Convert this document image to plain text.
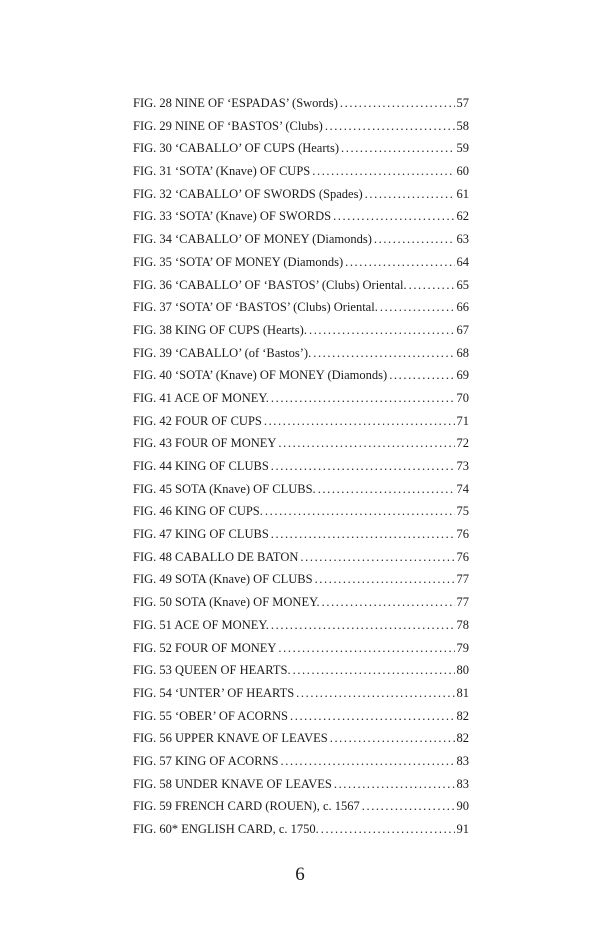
FIG. 28 NINE OF ‘ESPADAS’ (Swords) .....	57
FIG. 29 NINE OF ‘BASTOS’ (Clubs) .....	58
FIG. 30 ‘CABALLO’ OF CUPS (Hearts) .....	59
FIG. 31 ‘SOTA’ (Knave) OF CUPS .....	60
FIG. 32 ‘CABALLO’ OF SWORDS (Spades) .....	61
FIG. 33 ‘SOTA’ (Knave) OF SWORDS .....	62
FIG. 34 ‘CABALLO’ OF MONEY (Diamonds) .....	63
FIG. 35 ‘SOTA’ OF MONEY (Diamonds) .....	64
FIG. 36 ‘CABALLO’ OF ‘BASTOS’ (Clubs) Oriental. .....	65
FIG. 37 ‘SOTA’ OF ‘BASTOS’ (Clubs) Oriental. .....	66
FIG. 38 KING OF CUPS (Hearts). .....	67
FIG. 39 ‘CABALLO’ (of ‘Bastos’). .....	68
FIG. 40 ‘SOTA’ (Knave) OF MONEY (Diamonds) .....	69
FIG. 41 ACE OF MONEY. .....	70
FIG. 42 FOUR OF CUPS .....	71
FIG. 43 FOUR OF MONEY .....	72
FIG. 44 KING OF CLUBS .....	73
FIG. 45 SOTA (Knave) OF CLUBS. .....	74
FIG. 46 KING OF CUPS. .....	75
FIG. 47 KING OF CLUBS .....	76
FIG. 48 CABALLO DE BATON .....	76
FIG. 49 SOTA (Knave) OF CLUBS .....	77
FIG. 50 SOTA (Knave) OF MONEY. .....	77
FIG. 51 ACE OF MONEY. .....	78
FIG. 52 FOUR OF MONEY .....	79
FIG. 53 QUEEN OF HEARTS. .....	80
FIG. 54 ‘UNTER’ OF HEARTS .....	81
FIG. 55 ‘OBER’ OF ACORNS .....	82
FIG. 56 UPPER KNAVE OF LEAVES .....	82
FIG. 57 KING OF ACORNS .....	83
FIG. 58 UNDER KNAVE OF LEAVES .....	83
FIG. 59 FRENCH CARD (ROUEN), c. 1567 .....	90
FIG. 60* ENGLISH CARD, c. 1750. .....	91
6
